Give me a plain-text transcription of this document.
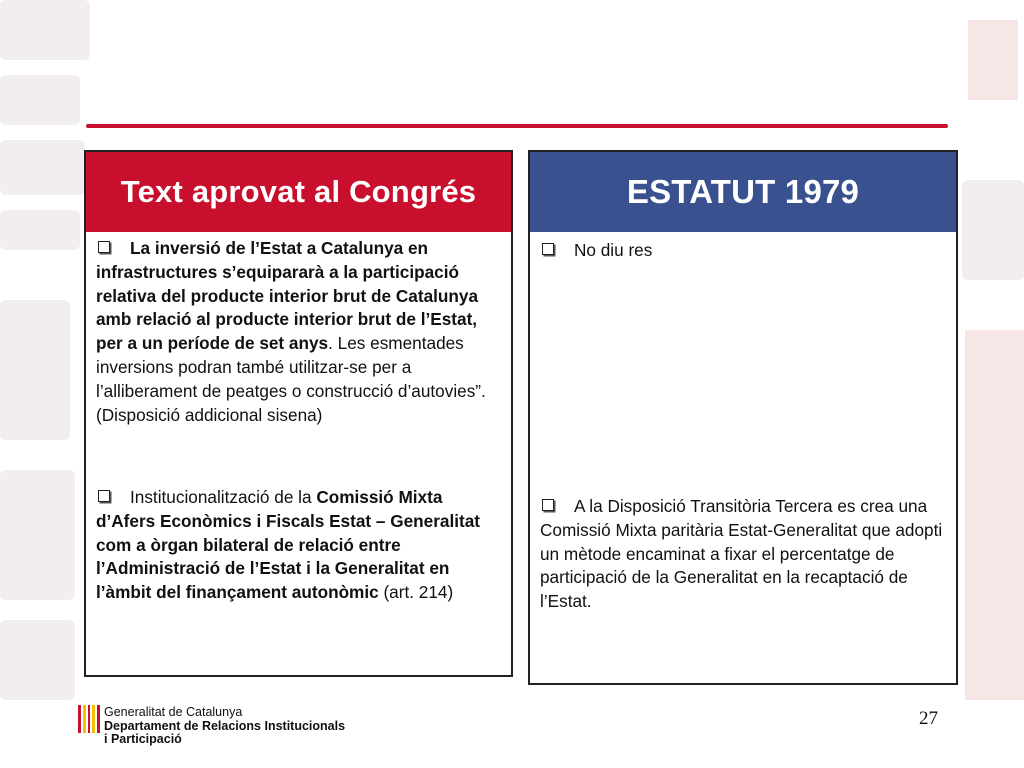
Text aprovat al Congrés
La inversió de l’Estat a Catalunya en infrastructures s’equipararà a la participació relativa del producte interior brut de Catalunya amb relació al producte interior brut de l’Estat, per a un període de set anys. Les esmentades inversions podran també utilitzar-se per a l’alliberament de peatges o construcció d’autovies”. (Disposició addicional sisena)
Institucionalització de la Comissió Mixta d’Afers Econòmics i Fiscals Estat – Generalitat com a òrgan bilateral de relació entre l’Administració de l’Estat i la Generalitat en l’àmbit del finançament autonòmic (art. 214)
ESTATUT 1979
No diu res
A la Disposició Transitòria Tercera es crea una Comissió Mixta paritària Estat-Generalitat que adopti un mètode encaminat a fixar el percentatge de participació de la Generalitat en la recaptació de l’Estat.
Generalitat de Catalunya
Departament de Relacions Institucionals
i Participació
27
